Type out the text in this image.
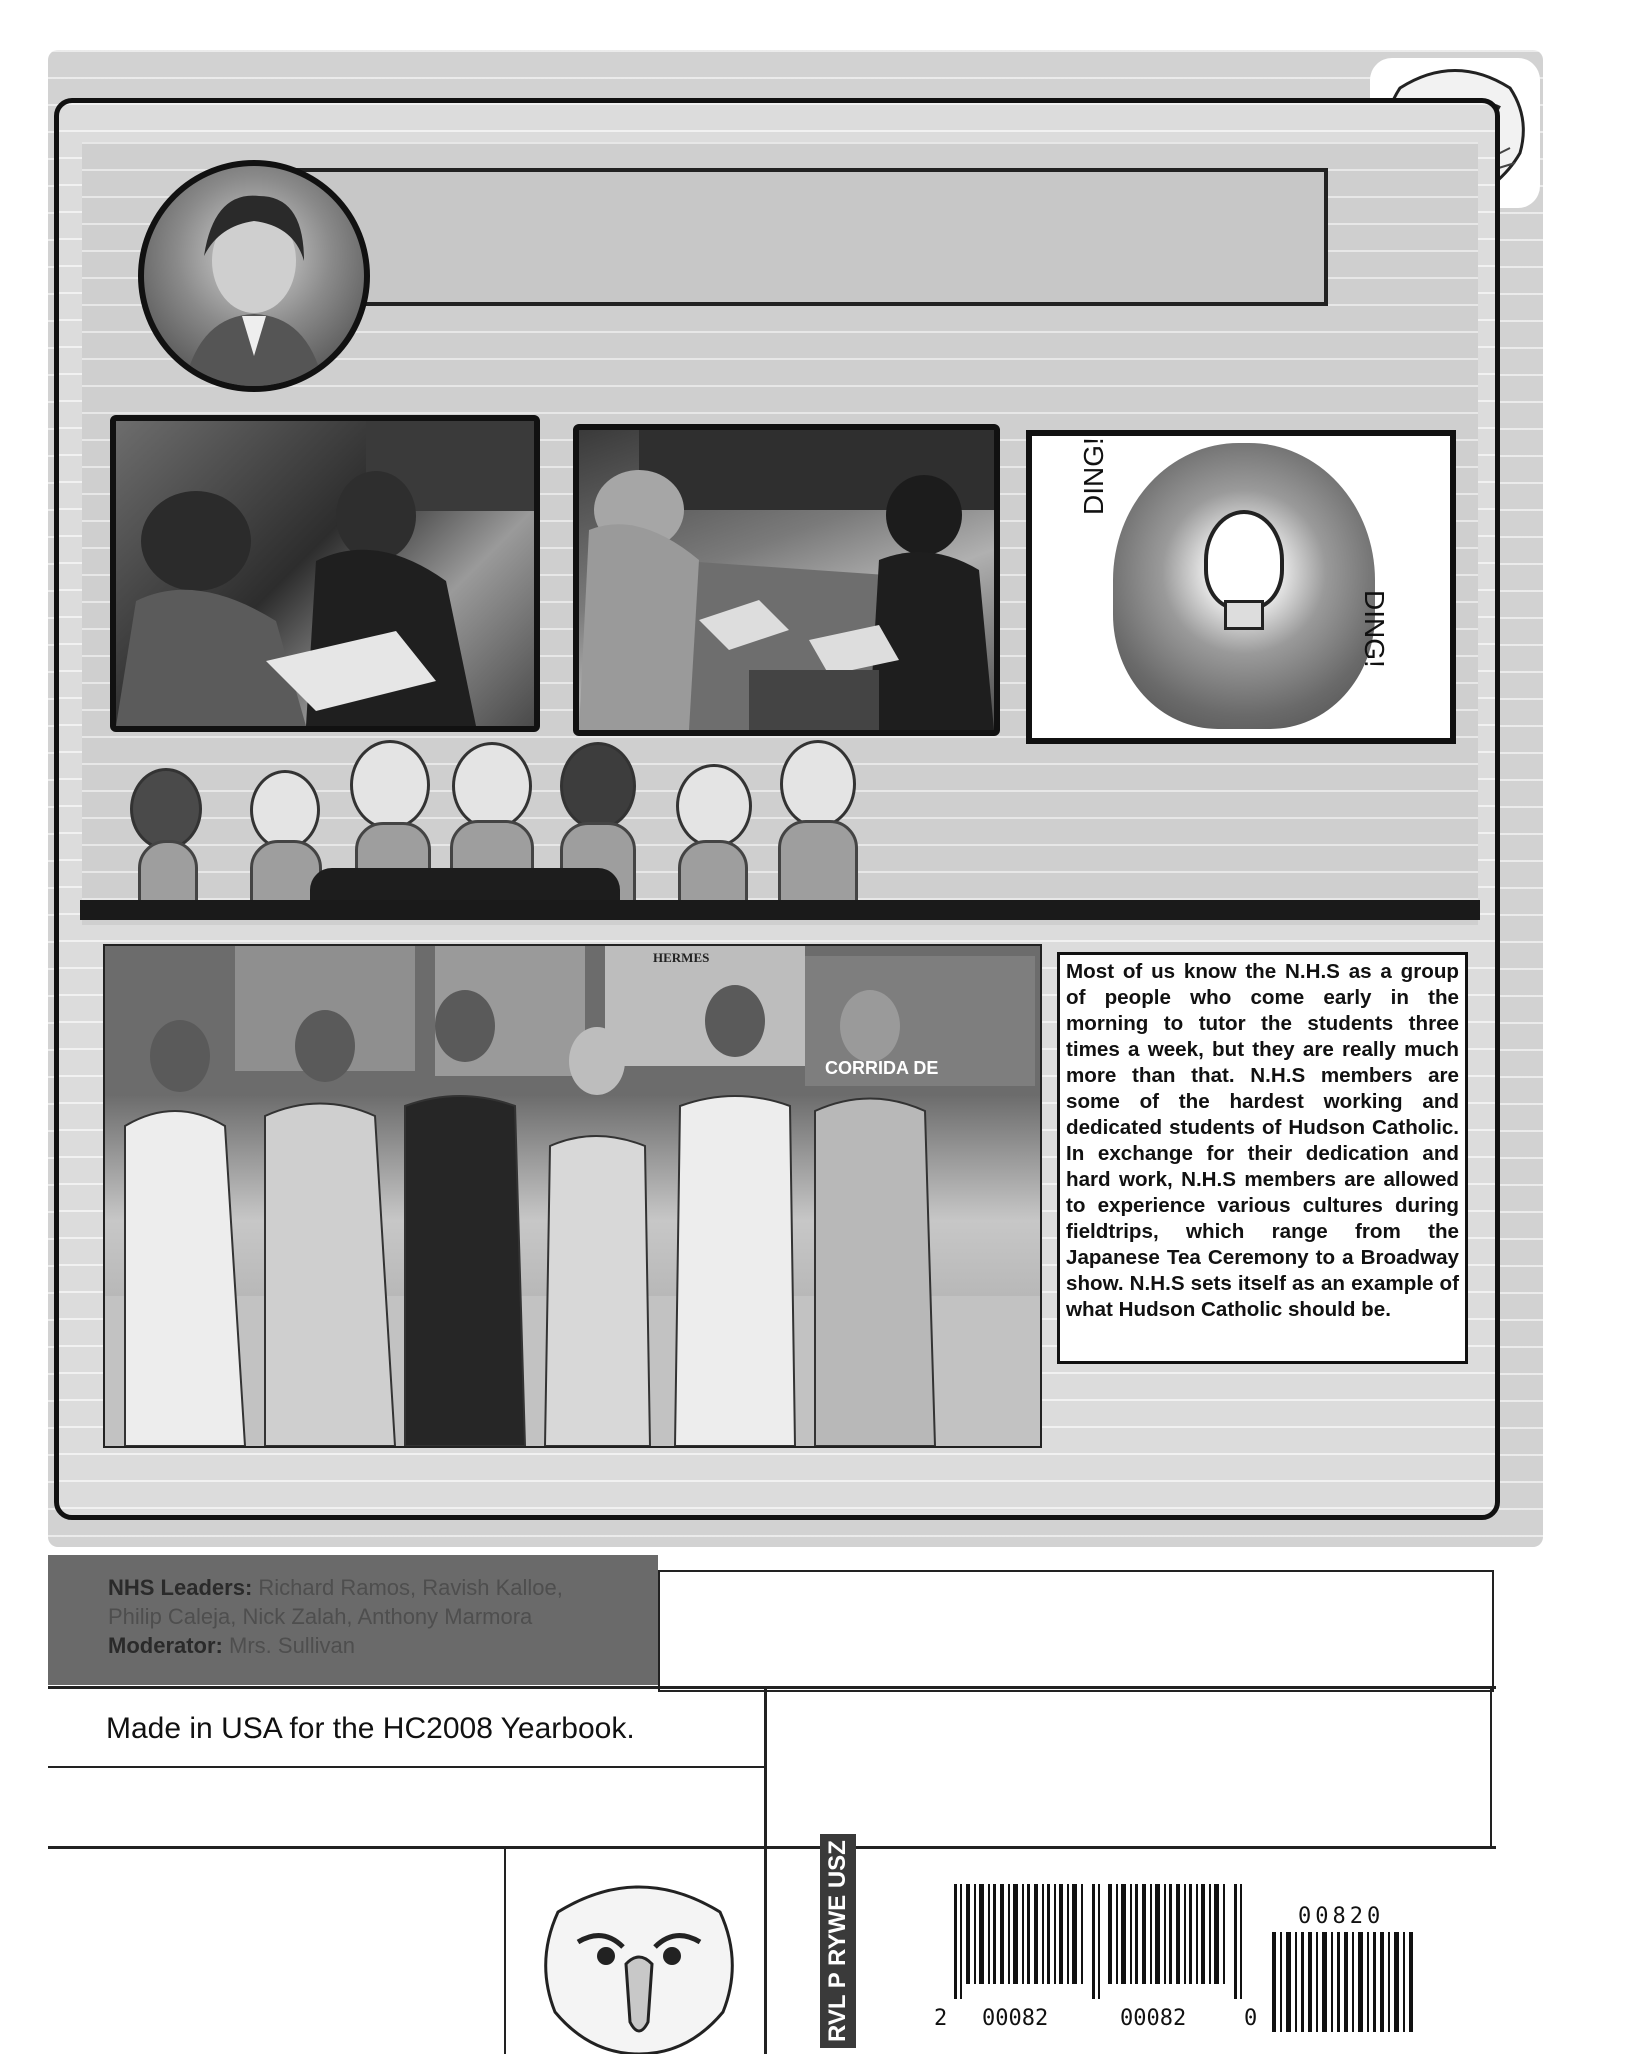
DING!
DING!
HERMES
CORRIDA DE

Most of us know the N.H.S as a group of people who come early in the morning to tutor the students three times a week, but they are really much more than that. N.H.S members are some of the hardest working and dedicated students of Hudson Catholic. In exchange for their dedication and hard work, N.H.S members are allowed to experience various cultures during fieldtrips, which range from the Japanese Tea Ceremony to a Broadway show. N.H.S sets itself as an example of what Hudson Catholic should be.

NHS Leaders: Richard Ramos, Ravish Kalloe,
Philip Caleja, Nick Zalah, Anthony Marmora
Moderator: Mrs. Sullivan
Made in USA for the HC2008 Yearbook.
RVL P RYWE USZ	2 00082	00082	0
00820
